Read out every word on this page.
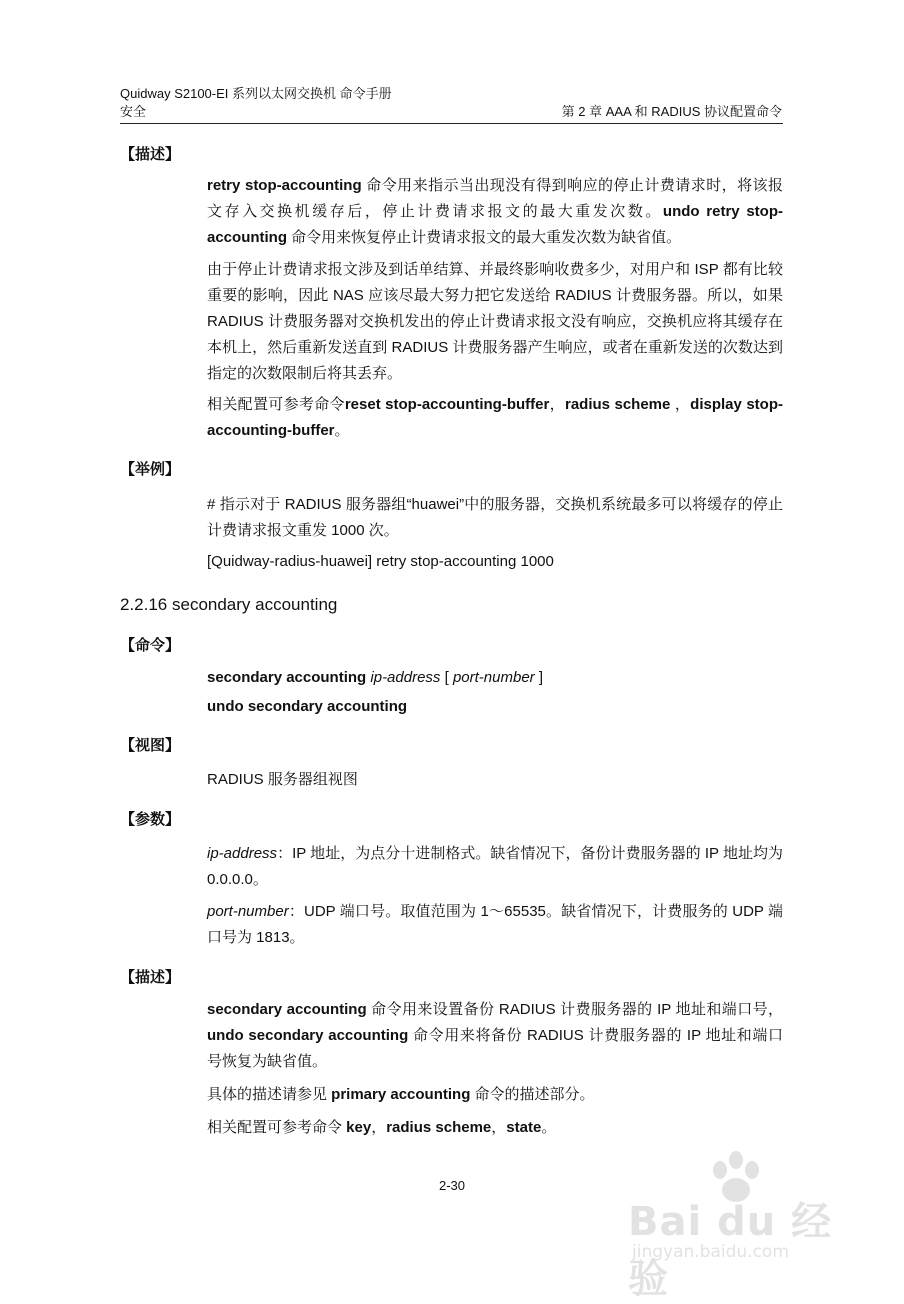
Quidway S2100-EI 系列以太网交换机 命令手册
安全	第 2 章 AAA 和 RADIUS 协议配置命令
【描述】
retry stop-accounting 命令用来指示当出现没有得到响应的停止计费请求时，将该报文存入交换机缓存后，停止计费请求报文的最大重发次数。undo retry stop-accounting 命令用来恢复停止计费请求报文的最大重发次数为缺省值。
由于停止计费请求报文涉及到话单结算、并最终影响收费多少，对用户和 ISP 都有比较重要的影响，因此 NAS 应该尽最大努力把它发送给 RADIUS 计费服务器。所以，如果 RADIUS 计费服务器对交换机发出的停止计费请求报文没有响应，交换机应将其缓存在本机上，然后重新发送直到 RADIUS 计费服务器产生响应，或者在重新发送的次数达到指定的次数限制后将其丢弃。
相关配置可参考命令reset stop-accounting-buffer，radius scheme ，display stop-accounting-buffer。
【举例】
# 指示对于 RADIUS 服务器组“huawei”中的服务器，交换机系统最多可以将缓存的停止计费请求报文重发 1000 次。
[Quidway-radius-huawei] retry stop-accounting 1000
2.2.16 secondary accounting
【命令】
secondary accounting ip-address [ port-number ]
undo secondary accounting
【视图】
RADIUS 服务器组视图
【参数】
ip-address：IP 地址，为点分十进制格式。缺省情况下，备份计费服务器的 IP 地址均为 0.0.0.0。
port-number：UDP 端口号。取值范围为 1～65535。缺省情况下，计费服务的 UDP 端口号为 1813。
【描述】
secondary accounting 命令用来设置备份 RADIUS 计费服务器的 IP 地址和端口号，undo secondary accounting 命令用来将备份 RADIUS 计费服务器的 IP 地址和端口号恢复为缺省值。
具体的描述请参见 primary accounting 命令的描述部分。
相关配置可参考命令 key，radius scheme，state。
2-30
Bai du 经验
jingyan.baidu.com
